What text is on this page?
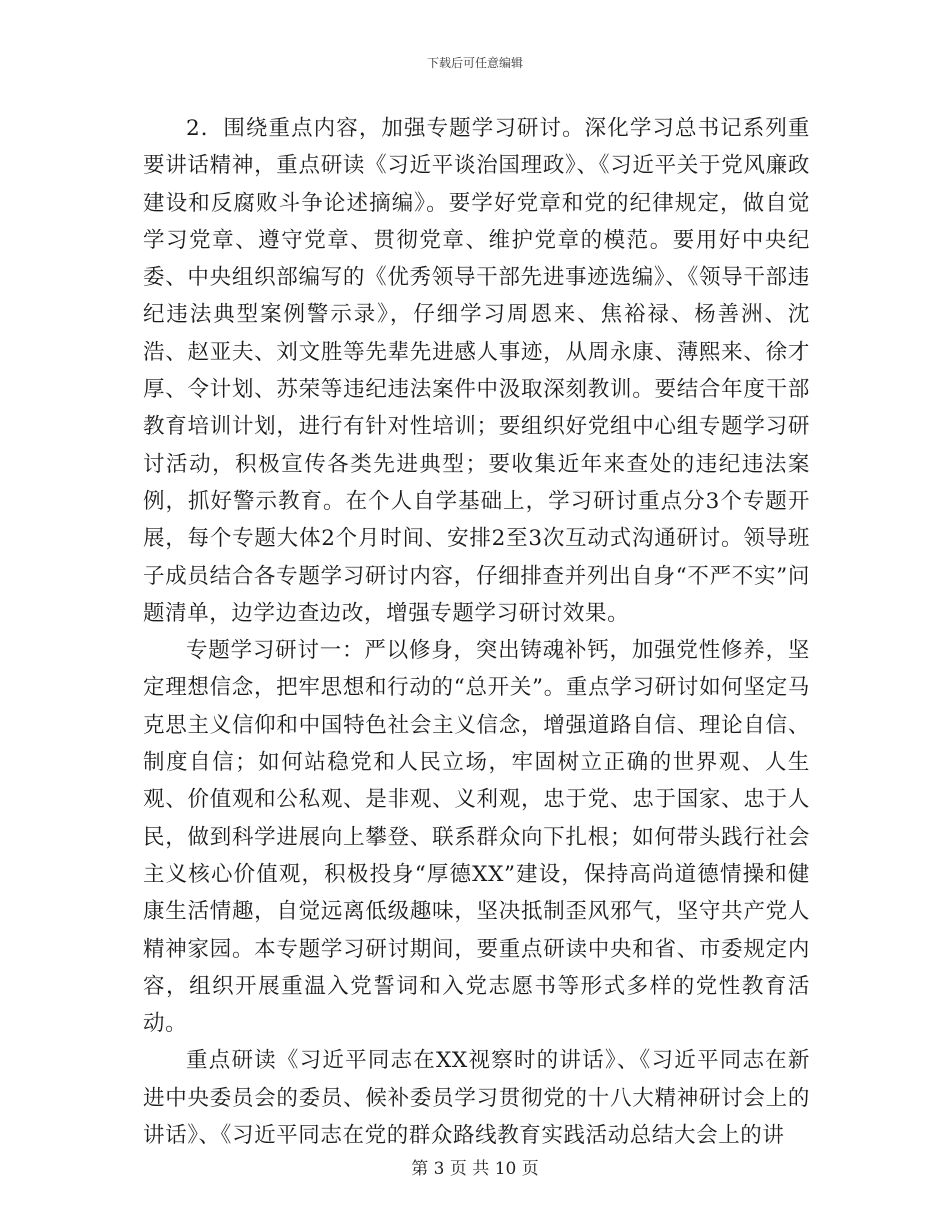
下载后可任意编辑

2．围绕重点内容，加强专题学习研讨。深化学习总书记系列重要讲话精神，重点研读《习近平谈治国理政》、《习近平关于党风廉政建设和反腐败斗争论述摘编》。要学好党章和党的纪律规定，做自觉学习党章、遵守党章、贯彻党章、维护党章的模范。要用好中央纪委、中央组织部编写的《优秀领导干部先进事迹选编》、《领导干部违纪违法典型案例警示录》，仔细学习周恩来、焦裕禄、杨善洲、沈浩、赵亚夫、刘文胜等先辈先进感人事迹，从周永康、薄熙来、徐才厚、令计划、苏荣等违纪违法案件中汲取深刻教训。要结合年度干部教育培训计划，进行有针对性培训；要组织好党组中心组专题学习研讨活动，积极宣传各类先进典型；要收集近年来查处的违纪违法案例，抓好警示教育。在个人自学基础上，学习研讨重点分3个专题开展，每个专题大体2个月时间、安排2至3次互动式沟通研讨。领导班子成员结合各专题学习研讨内容，仔细排查并列出自身“不严不实”问题清单，边学边查边改，增强专题学习研讨效果。

专题学习研讨一：严以修身，突出铸魂补钙，加强党性修养，坚定理想信念，把牢思想和行动的“总开关”。重点学习研讨如何坚定马克思主义信仰和中国特色社会主义信念，增强道路自信、理论自信、制度自信；如何站稳党和人民立场，牢固树立正确的世界观、人生观、价值观和公私观、是非观、义利观，忠于党、忠于国家、忠于人民，做到科学进展向上攀登、联系群众向下扎根；如何带头践行社会主义核心价值观，积极投身“厚德XX”建设，保持高尚道德情操和健康生活情趣，自觉远离低级趣味，坚决抵制歪风邪气，坚守共产党人精神家园。本专题学习研讨期间，要重点研读中央和省、市委规定内容，组织开展重温入党誓词和入党志愿书等形式多样的党性教育活动。

重点研读《习近平同志在XX视察时的讲话》、《习近平同志在新进中央委员会的委员、候补委员学习贯彻党的十八大精神研讨会上的讲话》、《习近平同志在党的群众路线教育实践活动总结大会上的讲

第 3 页 共 10 页
